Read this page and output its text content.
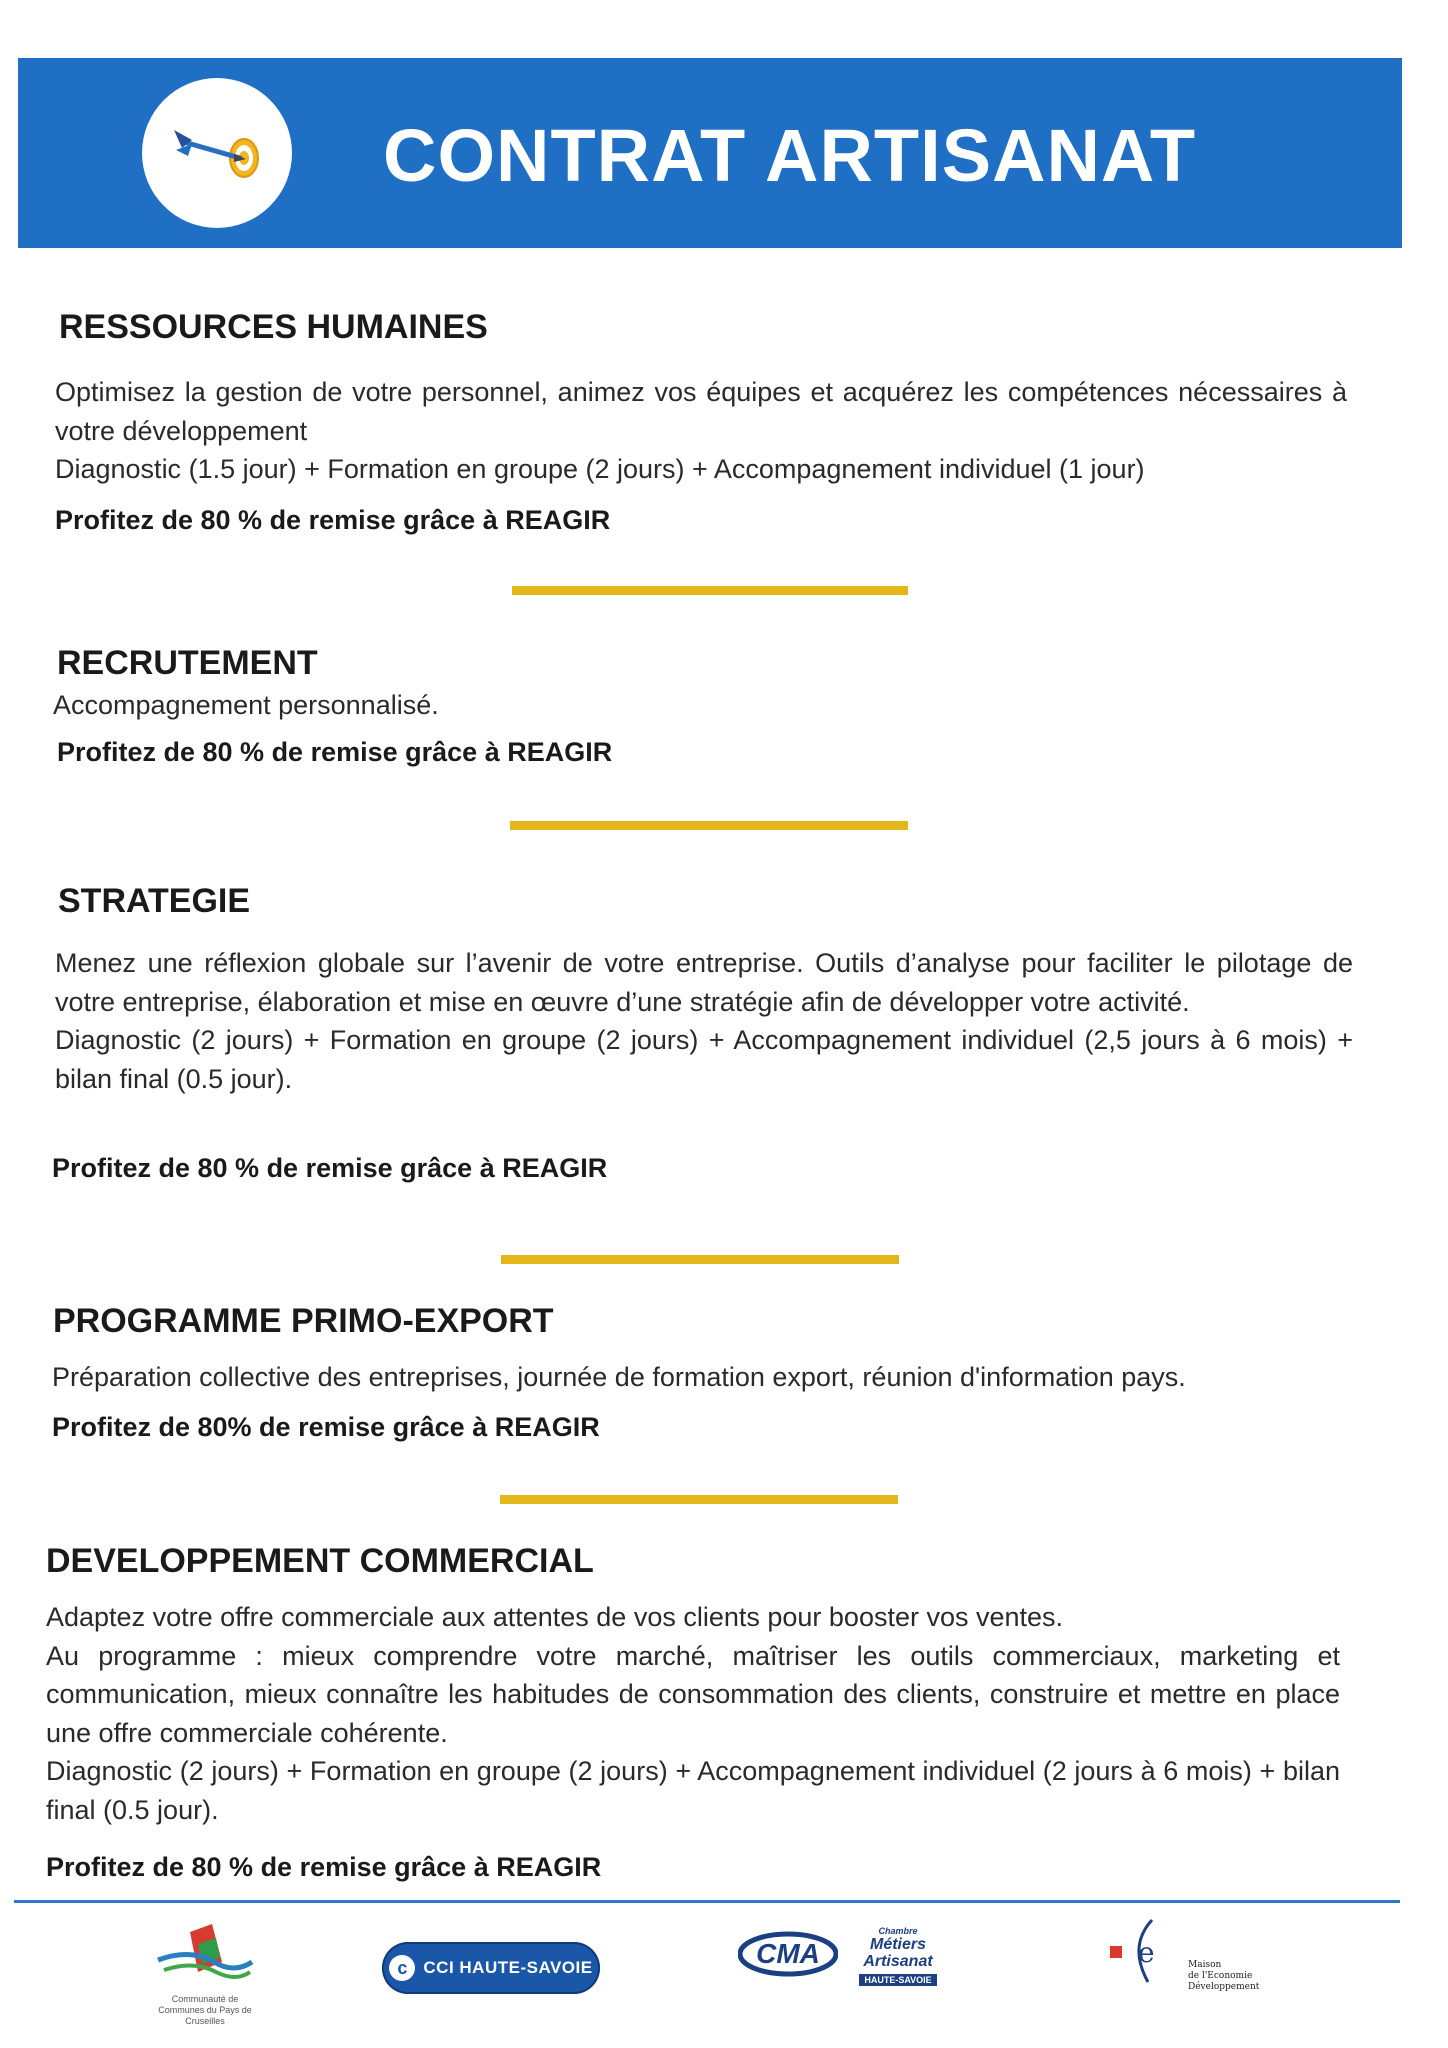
CONTRAT ARTISANAT
RESSOURCES HUMAINES

Optimisez la gestion de votre personnel, animez vos équipes et acquérez les compétences nécessaires à votre développement

Diagnostic (1.5 jour) + Formation en groupe (2 jours) + Accompagnement individuel (1 jour)

Profitez de 80 % de remise grâce à REAGIR
RECRUTEMENT

Accompagnement personnalisé.

Profitez de 80 % de remise grâce à REAGIR
STRATEGIE

Menez une réflexion globale sur l’avenir de votre entreprise. Outils d’analyse pour faciliter le pilotage de votre entreprise, élaboration et mise en œuvre d’une stratégie afin de développer votre activité.

Diagnostic (2 jours) + Formation en groupe (2 jours) + Accompagnement individuel (2,5 jours à 6 mois) + bilan final (0.5 jour).

Profitez de 80 % de remise grâce à REAGIR
PROGRAMME PRIMO-EXPORT

Préparation collective des entreprises, journée de formation export, réunion d'information pays.

Profitez de 80% de remise grâce à REAGIR
DEVELOPPEMENT COMMERCIAL

Adaptez votre offre commerciale aux attentes de vos clients pour booster vos ventes.

Au programme : mieux comprendre votre marché, maîtriser les outils commerciaux, marketing et communication, mieux connaître les habitudes de consommation des clients, construire et mettre en place une offre commerciale cohérente.

Diagnostic (2 jours) + Formation en groupe (2 jours) + Accompagnement individuel (2 jours à 6 mois) + bilan final (0.5 jour).

Profitez de 80 % de remise grâce à REAGIR
Communauté de Communes du Pays de Cruseilles
c CCI HAUTE-SAVOIE	CMA
Chambre
Métiers
Artisanat
HAUTE-SAVOIE
e	Maison
de l'Economie
Développement
